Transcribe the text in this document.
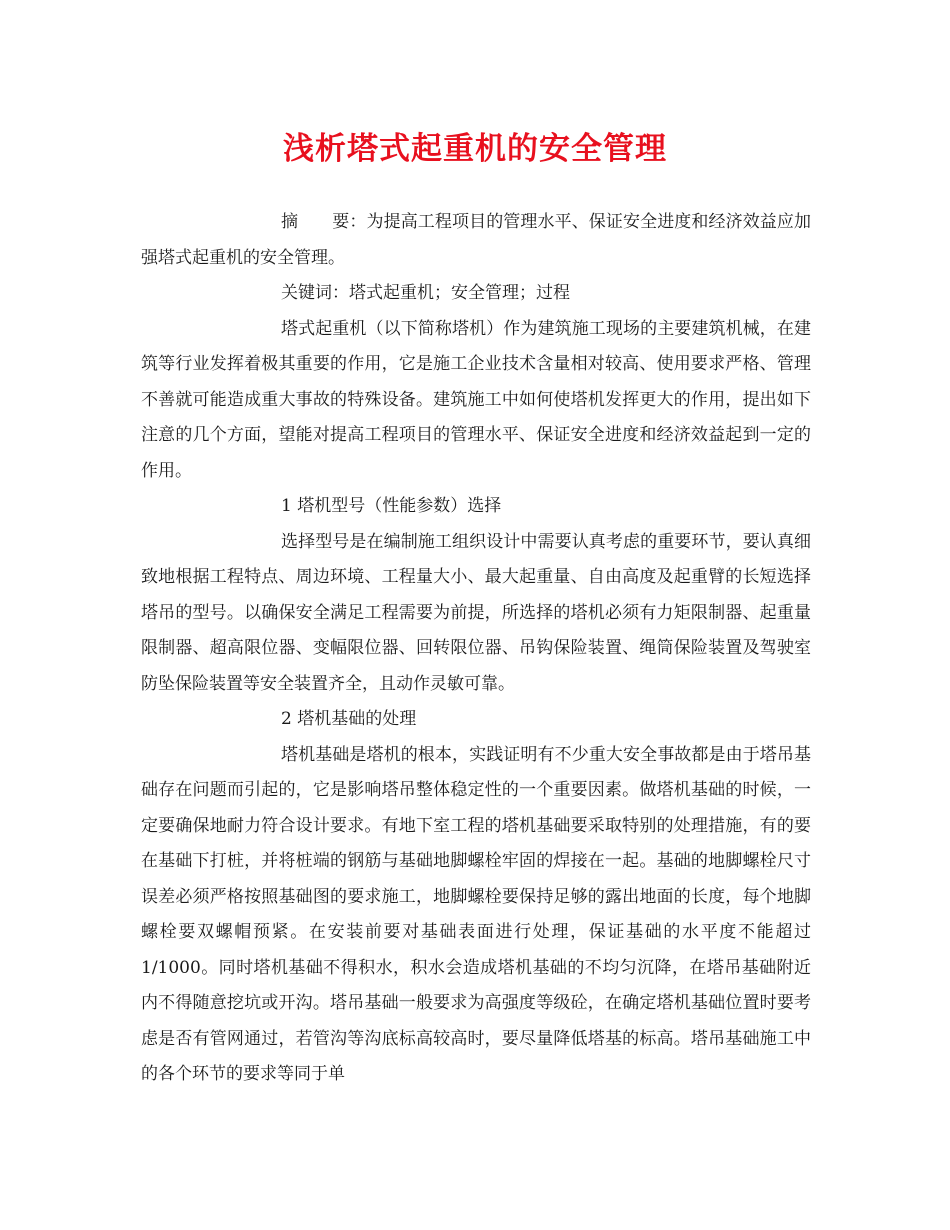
浅析塔式起重机的安全管理

摘　　要：为提高工程项目的管理水平、保证安全进度和经济效益应加强塔式起重机的安全管理。

关键词：塔式起重机；安全管理；过程

塔式起重机（以下简称塔机）作为建筑施工现场的主要建筑机械，在建筑等行业发挥着极其重要的作用，它是施工企业技术含量相对较高、使用要求严格、管理不善就可能造成重大事故的特殊设备。建筑施工中如何使塔机发挥更大的作用，提出如下注意的几个方面，望能对提高工程项目的管理水平、保证安全进度和经济效益起到一定的作用。

1 塔机型号（性能参数）选择

选择型号是在编制施工组织设计中需要认真考虑的重要环节，要认真细致地根据工程特点、周边环境、工程量大小、最大起重量、自由高度及起重臂的长短选择塔吊的型号。以确保安全满足工程需要为前提，所选择的塔机必须有力矩限制器、起重量限制器、超高限位器、变幅限位器、回转限位器、吊钩保险装置、绳筒保险装置及驾驶室防坠保险装置等安全装置齐全，且动作灵敏可靠。

2 塔机基础的处理

塔机基础是塔机的根本，实践证明有不少重大安全事故都是由于塔吊基础存在问题而引起的，它是影响塔吊整体稳定性的一个重要因素。做塔机基础的时候，一定要确保地耐力符合设计要求。有地下室工程的塔机基础要采取特别的处理措施，有的要在基础下打桩，并将桩端的钢筋与基础地脚螺栓牢固的焊接在一起。基础的地脚螺栓尺寸误差必须严格按照基础图的要求施工，地脚螺栓要保持足够的露出地面的长度，每个地脚螺栓要双螺帽预紧。在安装前要对基础表面进行处理，保证基础的水平度不能超过1/1000。同时塔机基础不得积水，积水会造成塔机基础的不均匀沉降，在塔吊基础附近内不得随意挖坑或开沟。塔吊基础一般要求为高强度等级砼，在确定塔机基础位置时要考虑是否有管网通过，若管沟等沟底标高较高时，要尽量降低塔基的标高。塔吊基础施工中的各个环节的要求等同于单
